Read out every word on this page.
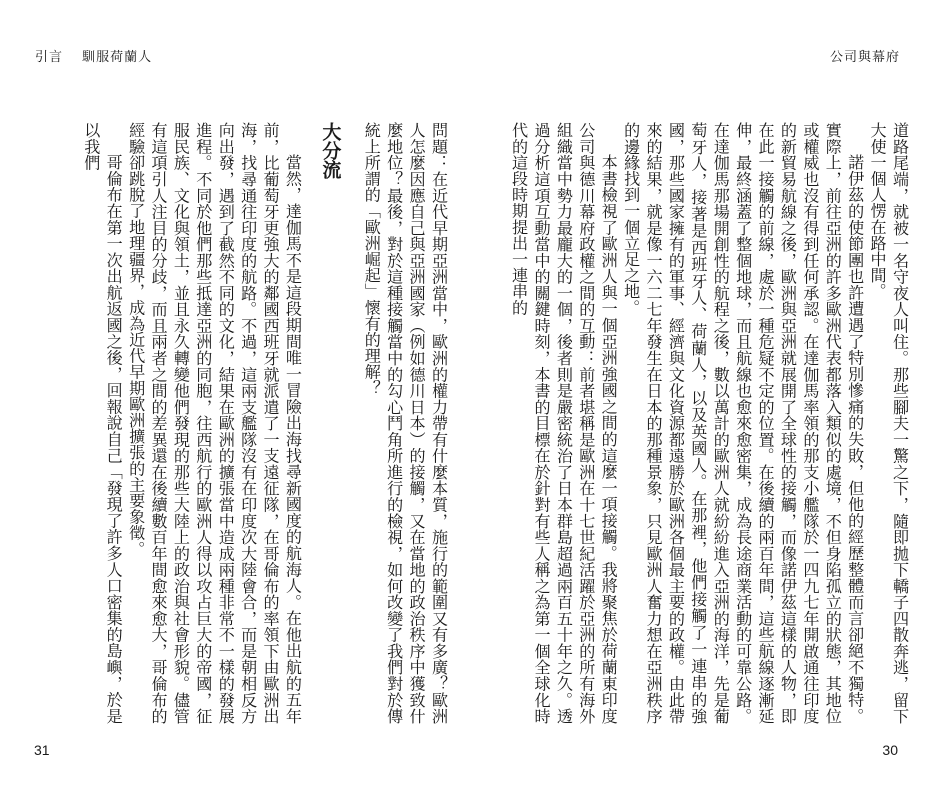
引言 馴服荷蘭人	公司與幕府

道路尾端，就被一名守夜人叫住。那些腳夫一驚之下，隨即拋下轎子四散奔逃，留下大使一個人愣在路中間。

諾伊茲的使節團也許遭遇了特別慘痛的失敗，但他的經歷整體而言卻絕不獨特。實際上，前往亞洲的許多歐洲代表都落入類似的處境，不但身陷孤立的狀態，其地位或權威也沒有得到任何承認。在達伽馬率領的那支小艦隊於一四九七年開啟通往印度的新貿易航線之後，歐洲與亞洲就展開了全球性的接觸，而像諾伊茲這樣的人物，即在此一接觸的前線，處於一種危疑不定的位置。在後續的兩百年間，這些航線逐漸延伸，最終涵蓋了整個地球，而且航線也愈來愈密集，成為長途商業活動的可靠公路。在達伽馬那場開創性的航程之後，數以萬計的歐洲人就紛紛進入亞洲的海洋，先是葡萄牙人，接著是西班牙人、荷蘭人，以及英國人。在那裡，他們接觸了一連串的強國，那些國家擁有的軍事、經濟與文化資源都遠勝於歐洲各個最主要的政權。由此帶來的結果，就是像一六二七年發生在日本的那種景象，只見歐洲人奮力想在亞洲秩序的邊緣找到一個立足之地。

本書檢視了歐洲人與一個亞洲強國之間的這麼一項接觸。我將聚焦於荷蘭東印度公司與德川幕府政權之間的互動：前者堪稱是歐洲在十七世紀活躍於亞洲的所有海外組織當中勢力最龐大的一個，後者則是嚴密統治了日本群島超過兩百五十年之久。透過分析這項互動當中的關鍵時刻，本書的目標在於針對有些人稱之為第一個全球化時代的這段時期提出一連串的

問題：在近代早期亞洲當中，歐洲的權力帶有什麼本質，施行的範圍又有多廣？歐洲人怎麼因應自己與亞洲國家（例如德川日本）的接觸，又在當地的政治秩序中獲致什麼地位？最後，對於這種接觸當中的勾心鬥角所進行的檢視，如何改變了我們對於傳統上所謂的「歐洲崛起」懷有的理解？

大分流

當然，達伽馬不是這段期間唯一冒險出海找尋新國度的航海人。在他出航的五年前，比葡萄牙更強大的鄰國西班牙就派遣了一支遠征隊，在哥倫布的率領下由歐洲出海，找尋通往印度的航路。不過，這兩支艦隊沒有在印度次大陸會合，而是朝相反方向出發，遇到了截然不同的文化，結果在歐洲的擴張當中造成兩種非常不一樣的發展進程。不同於他們那些抵達亞洲的同胞，往西航行的歐洲人得以攻占巨大的帝國，征服民族、文化與領土，並且永久轉變他們發現的那些大陸上的政治與社會形貌。儘管有這項引人注目的分歧，而且兩者之間的差異還在後續數百年間愈來愈大，哥倫布的經驗卻跳脫了地理疆界，成為近代早期歐洲擴張的主要象徵。

哥倫布在第一次出航返國之後，回報說自己「發現了許多人口密集的島嶼，於是以我們

31	30
